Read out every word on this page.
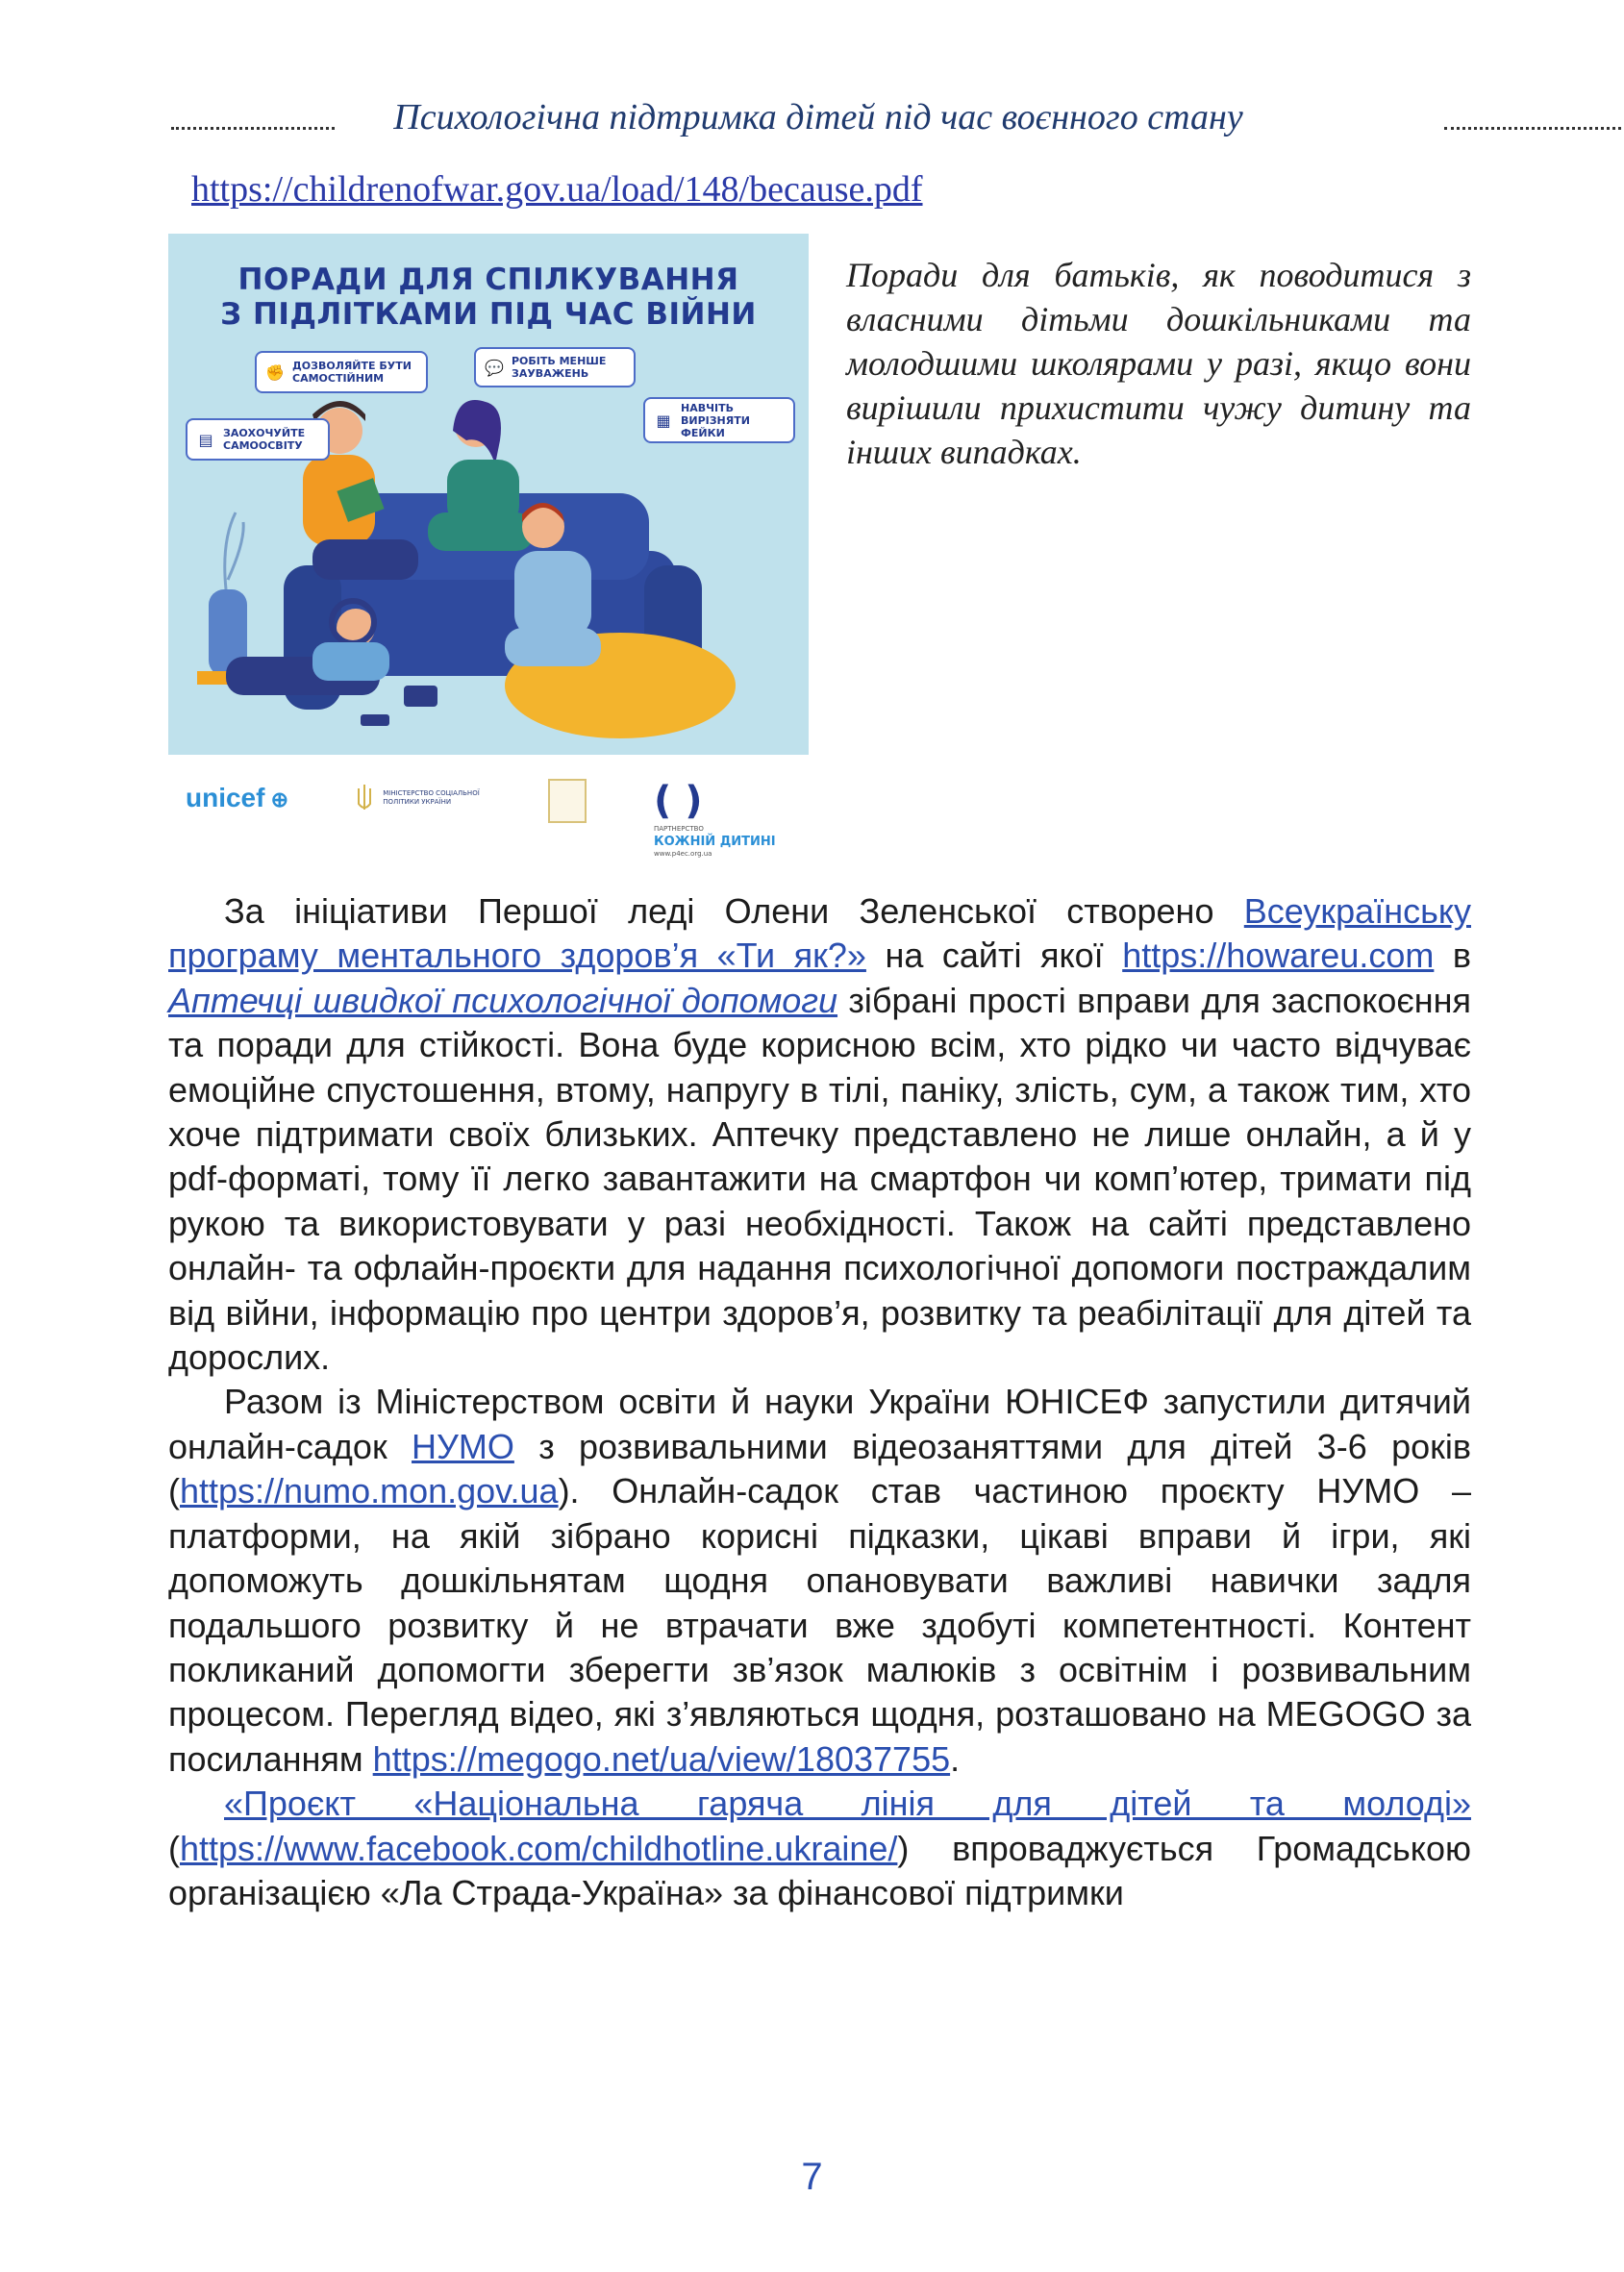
Психологічна підтримка дітей під час воєнного стану
https://childrenofwar.gov.ua/load/148/because.pdf
ПОРАДИ ДЛЯ СПІЛКУВАННЯ
З ПІДЛІТКАМИ ПІД ЧАС ВІЙНИ
✊ ДОЗВОЛЯЙТЕ БУТИ САМОСТІЙНИМ
💬 РОБІТЬ МЕНШЕ ЗАУВАЖЕНЬ
▤ ЗАОХОЧУЙТЕ САМООСВІТУ
▦
НАВЧІТЬ ВИРІЗНЯТИ ФЕЙКИ
unicef ⊕	МІНІСТЕРСТВО СОЦІАЛЬНОЇ ПОЛІТИКИ УКРАЇНИ	( )
ПАРТНЕРСТВО
КОЖНІЙ ДИТИНІ
www.p4ec.org.ua
Поради для батьків, як поводитися з власними дітьми дошкільниками та молодшими школярами у разі, якщо вони вирішили прихистити чужу дитину та інших випадках.

За ініціативи Першої леді Олени Зеленської створено Всеукраїнську програму ментального здоров’я «Ти як?» на сайті якої https://howareu.com в Аптечці швидкої психологічної допомоги зібрані прості вправи для заспокоєння та поради для стійкості. Вона буде корисною всім, хто рідко чи часто відчуває емоційне спустошення, втому, напругу в тілі, паніку, злість, сум, а також тим, хто хоче підтримати своїх близьких. Аптечку представлено не лише онлайн, а й у pdf-форматі, тому її легко завантажити на смартфон чи комп’ютер, тримати під рукою та використовувати у разі необхідності. Також на сайті представлено онлайн- та офлайн-проєкти для надання психологічної допомоги постраждалим від війни, інформацію про центри здоров’я, розвитку та реабілітації для дітей та дорослих.

Разом із Міністерством освіти й науки України ЮНІСЕФ запустили дитячий онлайн-садок НУМО з розвивальними відеозаняттями для дітей 3-6 років (https://numo.mon.gov.ua). Онлайн-садок став частиною проєкту НУМО – платформи, на якій зібрано корисні підказки, цікаві вправи й ігри, які допоможуть дошкільнятам щодня опановувати важливі навички задля подальшого розвитку й не втрачати вже здобуті компетентності. Контент покликаний допомогти зберегти зв’язок малюків з освітнім і розвивальним процесом. Перегляд відео, які з’являються щодня, розташовано на MEGOGO за посиланням https://megogo.net/ua/view/18037755.

«Проєкт «Національна гаряча лінія для дітей та молоді» (https://www.facebook.com/childhotline.ukraine/) впроваджується Громадською організацією «Ла Страда-Україна» за фінансової підтримки

7
